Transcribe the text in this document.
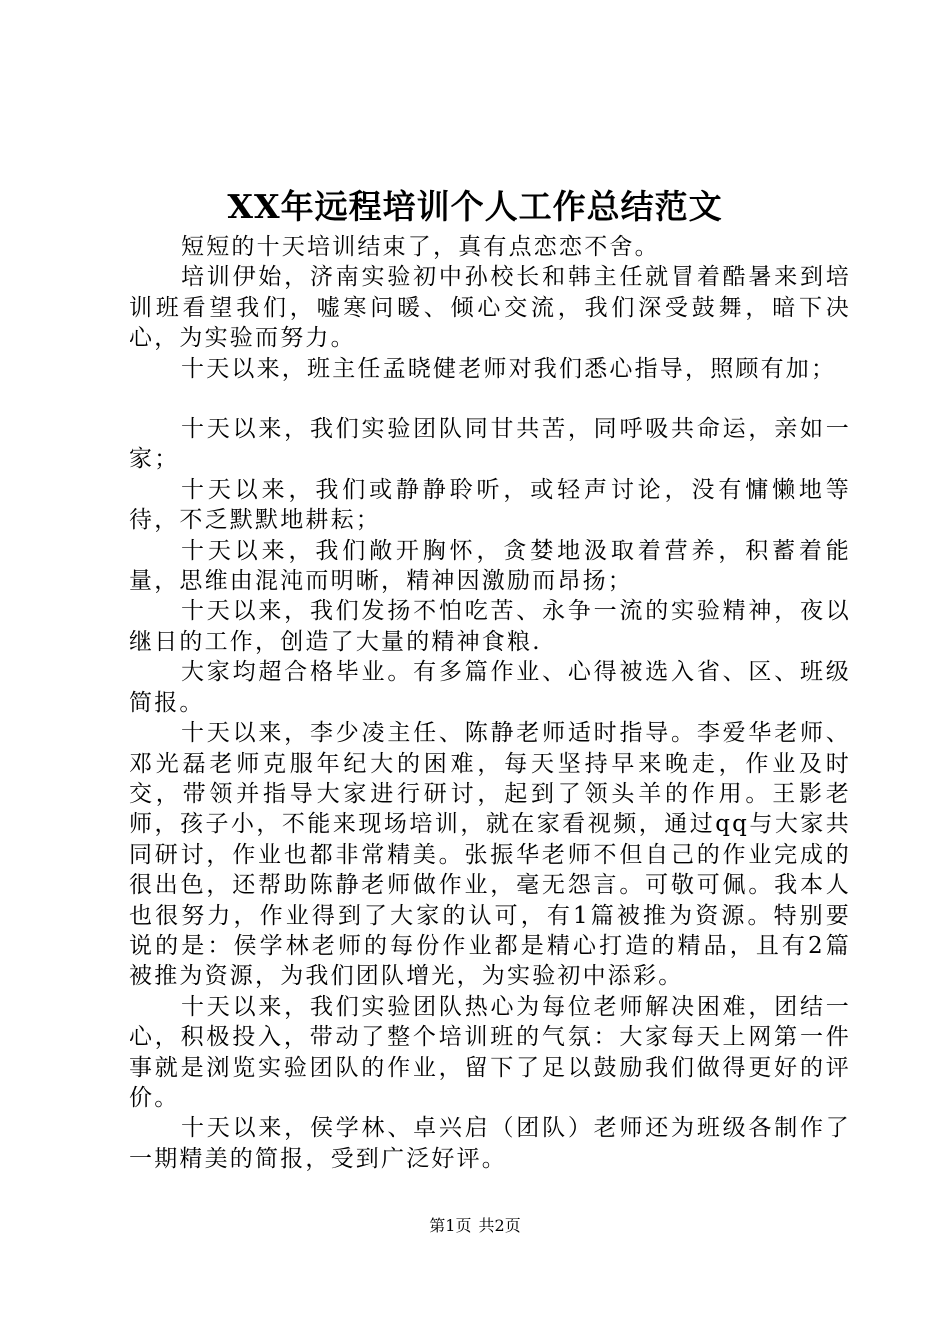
XX年远程培训个人工作总结范文

短短的十天培训结束了，真有点恋恋不舍。

培训伊始，济南实验初中孙校长和韩主任就冒着酷暑来到培训班看望我们，嘘寒问暖、倾心交流，我们深受鼓舞，暗下决心，为实验而努力。

十天以来，班主任孟晓健老师对我们悉心指导，照顾有加；

十天以来，我们实验团队同甘共苦，同呼吸共命运，亲如一家；

十天以来，我们或静静聆听，或轻声讨论，没有慵懒地等待，不乏默默地耕耘；

十天以来，我们敞开胸怀，贪婪地汲取着营养，积蓄着能量，思维由混沌而明晰，精神因激励而昂扬；

十天以来，我们发扬不怕吃苦、永争一流的实验精神，夜以继日的工作，创造了大量的精神食粮.

大家均超合格毕业。有多篇作业、心得被选入省、区、班级简报。

十天以来，李少凌主任、陈静老师适时指导。李爱华老师、邓光磊老师克服年纪大的困难，每天坚持早来晚走，作业及时交，带领并指导大家进行研讨，起到了领头羊的作用。王影老师，孩子小，不能来现场培训，就在家看视频，通过qq与大家共同研讨，作业也都非常精美。张振华老师不但自己的作业完成的很出色，还帮助陈静老师做作业，毫无怨言。可敬可佩。我本人也很努力，作业得到了大家的认可，有1篇被推为资源。特别要说的是：侯学林老师的每份作业都是精心打造的精品，且有2篇被推为资源，为我们团队增光，为实验初中添彩。

十天以来，我们实验团队热心为每位老师解决困难，团结一心，积极投入，带动了整个培训班的气氛：大家每天上网第一件事就是浏览实验团队的作业，留下了足以鼓励我们做得更好的评价。

十天以来，侯学林、卓兴启（团队）老师还为班级各制作了一期精美的简报，受到广泛好评。

第1页 共2页
